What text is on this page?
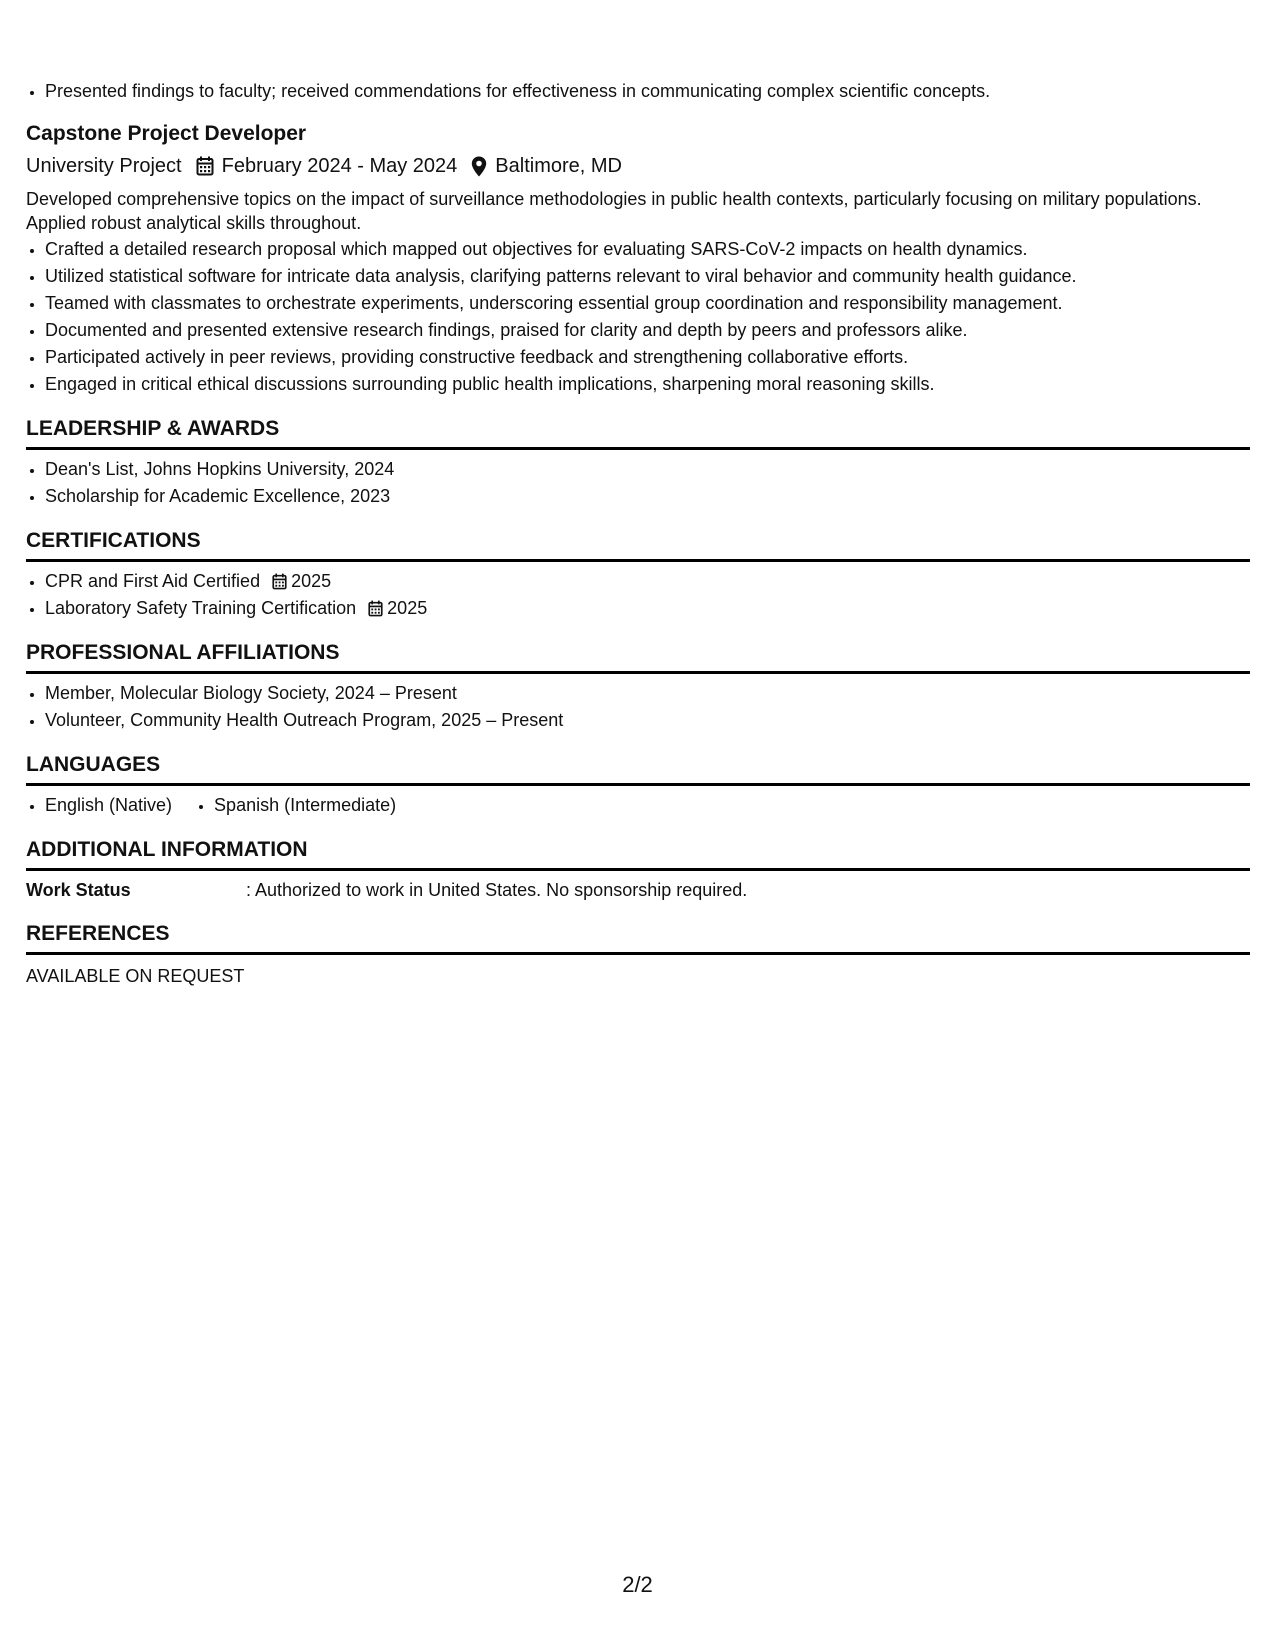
• Presented findings to faculty; received commendations for effectiveness in communicating complex scientific concepts.
Capstone Project Developer
University Project February 2024 - May 2024 Baltimore, MD
Developed comprehensive topics on the impact of surveillance methodologies in public health contexts, particularly focusing on military populations. Applied robust analytical skills throughout.
• Crafted a detailed research proposal which mapped out objectives for evaluating SARS-CoV-2 impacts on health dynamics.
• Utilized statistical software for intricate data analysis, clarifying patterns relevant to viral behavior and community health guidance.
• Teamed with classmates to orchestrate experiments, underscoring essential group coordination and responsibility management.
• Documented and presented extensive research findings, praised for clarity and depth by peers and professors alike.
• Participated actively in peer reviews, providing constructive feedback and strengthening collaborative efforts.
• Engaged in critical ethical discussions surrounding public health implications, sharpening moral reasoning skills.
LEADERSHIP & AWARDS
• Dean's List, Johns Hopkins University, 2024
• Scholarship for Academic Excellence, 2023
CERTIFICATIONS
• CPR and First Aid Certified 2025
• Laboratory Safety Training Certification 2025
PROFESSIONAL AFFILIATIONS
• Member, Molecular Biology Society, 2024 – Present
• Volunteer, Community Health Outreach Program, 2025 – Present
LANGUAGES
• English (Native)
• Spanish (Intermediate)
ADDITIONAL INFORMATION
Work Status	: Authorized to work in United States. No sponsorship required.
REFERENCES
AVAILABLE ON REQUEST
2/2
